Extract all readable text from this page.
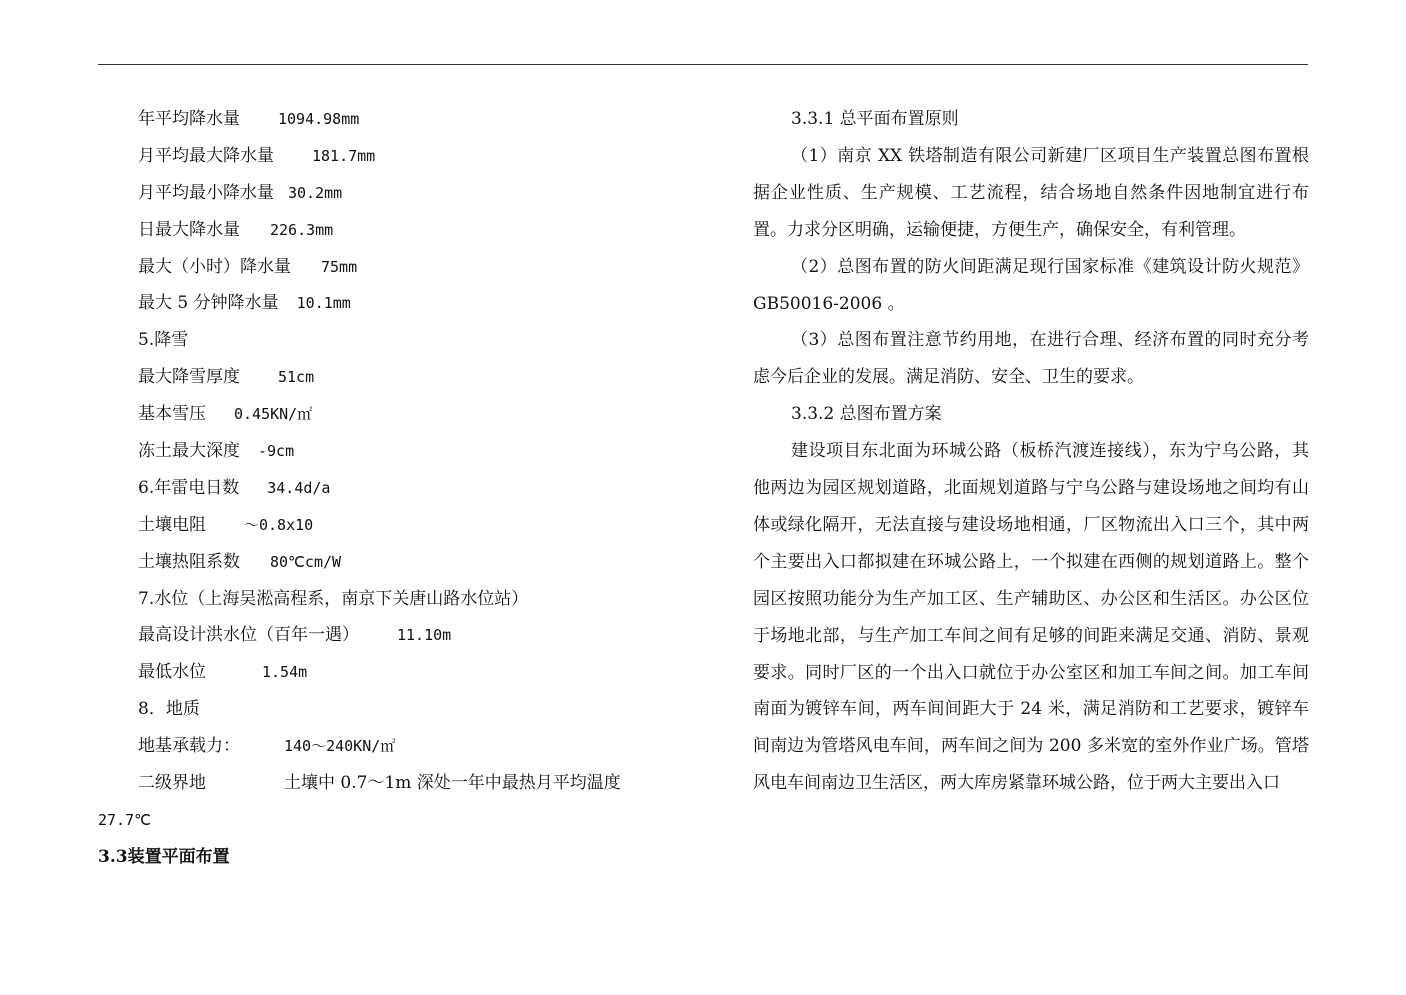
年平均降水量	1094.98mm
月平均最大降水量	181.7mm
月平均最小降水量 30.2mm
日最大降水量 226.3mm
最大（小时）降水量 75mm
最大 5 分钟降水量 10.1mm
5.降雪
最大降雪厚度	51cm
基本雪压 0.45KN/㎡
冻土最大深度 -9cm
6.年雷电日数 34.4d/a
土壤电阻	～0.8x10
土壤热阻系数 80℃cm/W
7.水位（上海吴淞高程系，南京下关唐山路水位站）
最高设计洪水位（百年一遇）	11.10m
最低水位	1.54m
8．地质
地基承载力：	140～240KN/㎡
二级界地	土壤中 0.7～1m 深处一年中最热月平均温度
27.7℃
3.3装置平面布置
3.3.1 总平面布置原则

（1）南京 XX 铁塔制造有限公司新建厂区项目生产装置总图布置根据企业性质、生产规模、工艺流程，结合场地自然条件因地制宜进行布置。力求分区明确，运输便捷，方便生产，确保安全，有利管理。

（2）总图布置的防火间距满足现行国家标准《建筑设计防火规范》GB50016-2006 。

（3）总图布置注意节约用地，在进行合理、经济布置的同时充分考虑今后企业的发展。满足消防、安全、卫生的要求。

3.3.2 总图布置方案

建设项目东北面为环城公路（板桥汽渡连接线），东为宁乌公路，其他两边为园区规划道路，北面规划道路与宁乌公路与建设场地之间均有山体或绿化隔开，无法直接与建设场地相通，厂区物流出入口三个，其中两个主要出入口都拟建在环城公路上，一个拟建在西侧的规划道路上。整个园区按照功能分为生产加工区、生产辅助区、办公区和生活区。办公区位于场地北部，与生产加工车间之间有足够的间距来满足交通、消防、景观要求。同时厂区的一个出入口就位于办公室区和加工车间之间。加工车间南面为镀锌车间，两车间间距大于 24 米，满足消防和工艺要求，镀锌车间南边为管塔风电车间，两车间之间为 200 多米宽的室外作业广场。管塔风电车间南边卫生活区，两大库房紧靠环城公路，位于两大主要出入口
